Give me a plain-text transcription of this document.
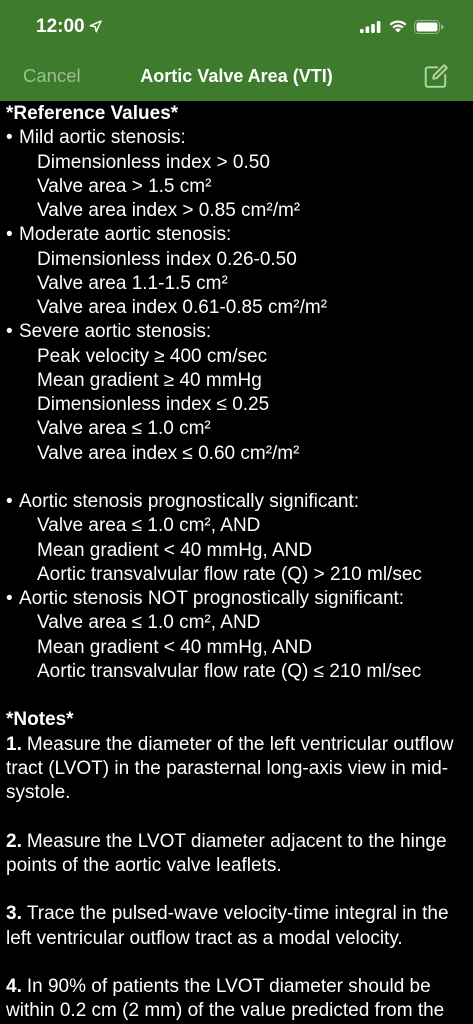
12:00
Cancel	Aortic Valve Area (VTI)
*Reference Values*
• Mild aortic stenosis:
Dimensionless index > 0.50
Valve area > 1.5 cm²
Valve area index > 0.85 cm²/m²
• Moderate aortic stenosis:
Dimensionless index 0.26-0.50
Valve area 1.1-1.5 cm²
Valve area index 0.61-0.85 cm²/m²
• Severe aortic stenosis:
Peak velocity ≥ 400 cm/sec
Mean gradient ≥ 40 mmHg
Dimensionless index ≤ 0.25
Valve area ≤ 1.0 cm²
Valve area index ≤ 0.60 cm²/m²
• Aortic stenosis prognostically significant:
Valve area ≤ 1.0 cm², AND
Mean gradient < 40 mmHg, AND
Aortic transvalvular flow rate (Q) > 210 ml/sec
• Aortic stenosis NOT prognostically significant:
Valve area ≤ 1.0 cm², AND
Mean gradient < 40 mmHg, AND
Aortic transvalvular flow rate (Q) ≤ 210 ml/sec
*Notes*
1. Measure the diameter of the left ventricular outflow
tract (LVOT) in the parasternal long-axis view in mid-
systole.
2. Measure the LVOT diameter adjacent to the hinge
points of the aortic valve leaflets.
3. Trace the pulsed-wave velocity-time integral in the
left ventricular outflow tract as a modal velocity.
4. In 90% of patients the LVOT diameter should be
within 0.2 cm (2 mm) of the value predicted from the
